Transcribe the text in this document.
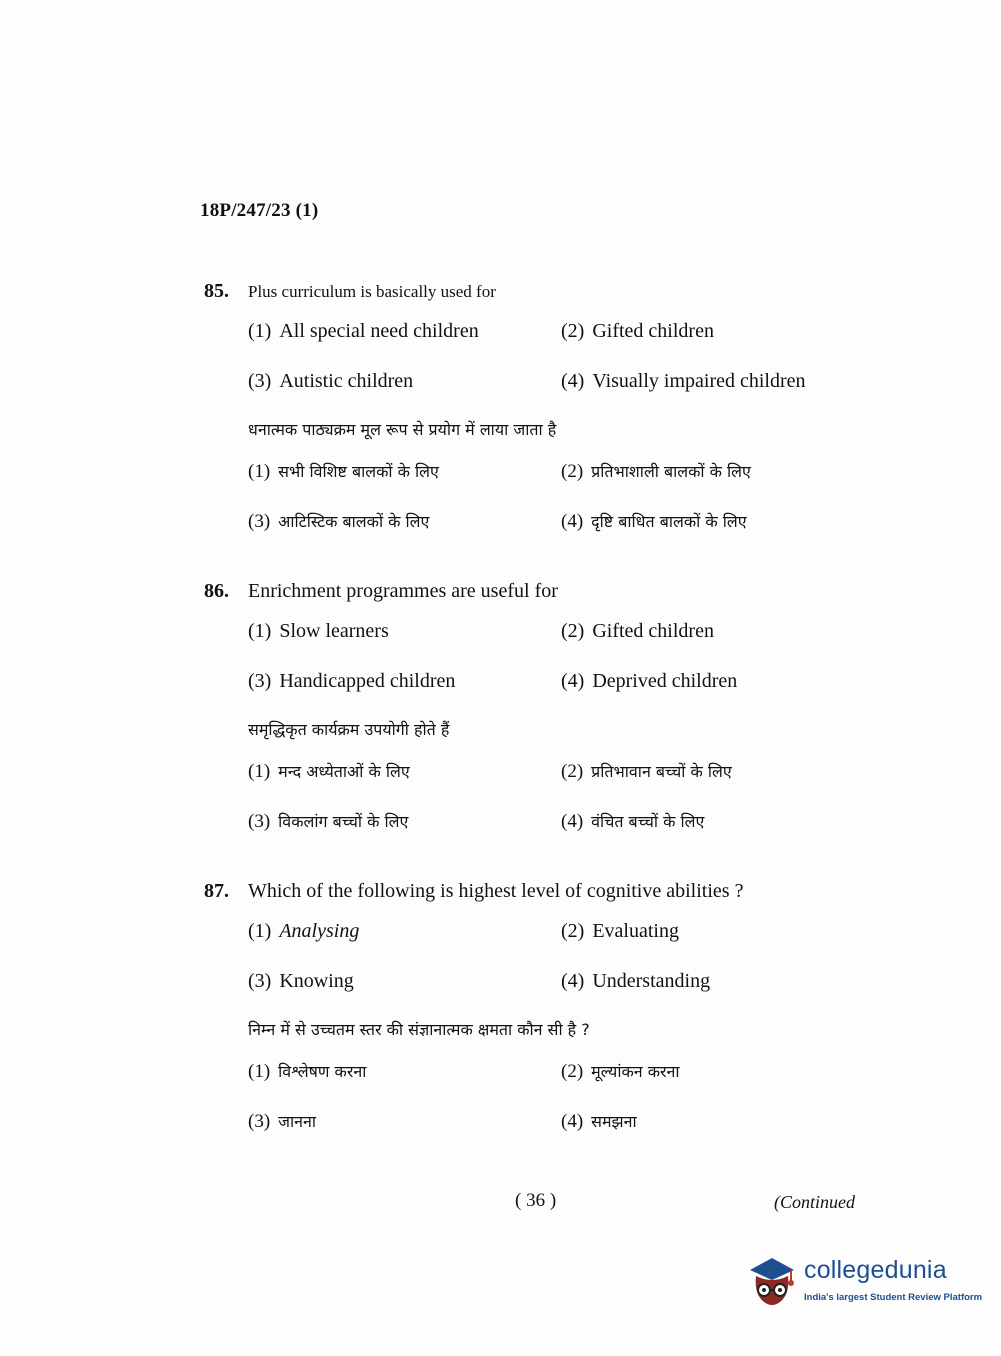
18P/247/23 (1)
85.	Plus curriculum is basically used for
(1) All special need children	(2) Gifted children
(3) Autistic children	(4) Visually impaired children
धनात्मक पाठ्यक्रम मूल रूप से प्रयोग में लाया जाता है
(1) सभी विशिष्ट बालकों के लिए	(2) प्रतिभाशाली बालकों के लिए
(3) आटिस्टिक बालकों के लिए	(4) दृष्टि बाधित बालकों के लिए
86. Enrichment programmes are useful for
(1) Slow learners	(2) Gifted children
(3) Handicapped children	(4) Deprived children
समृद्धिकृत कार्यक्रम उपयोगी होते हैं
(1) मन्द अध्येताओं के लिए	(2) प्रतिभावान बच्चों के लिए
(3) विकलांग बच्चों के लिए	(4) वंचित बच्चों के लिए
87. Which of the following is highest level of cognitive abilities ?
(1) Analysing	(2) Evaluating
(3) Knowing	(4) Understanding
निम्न में से उच्चतम स्तर की संज्ञानात्मक क्षमता कौन सी है ?
(1) विश्लेषण करना	(2) मूल्यांकन करना
(3) जानना	(4) समझना
( 36 )	(Continued
collegedunia
India's largest Student Review Platform
